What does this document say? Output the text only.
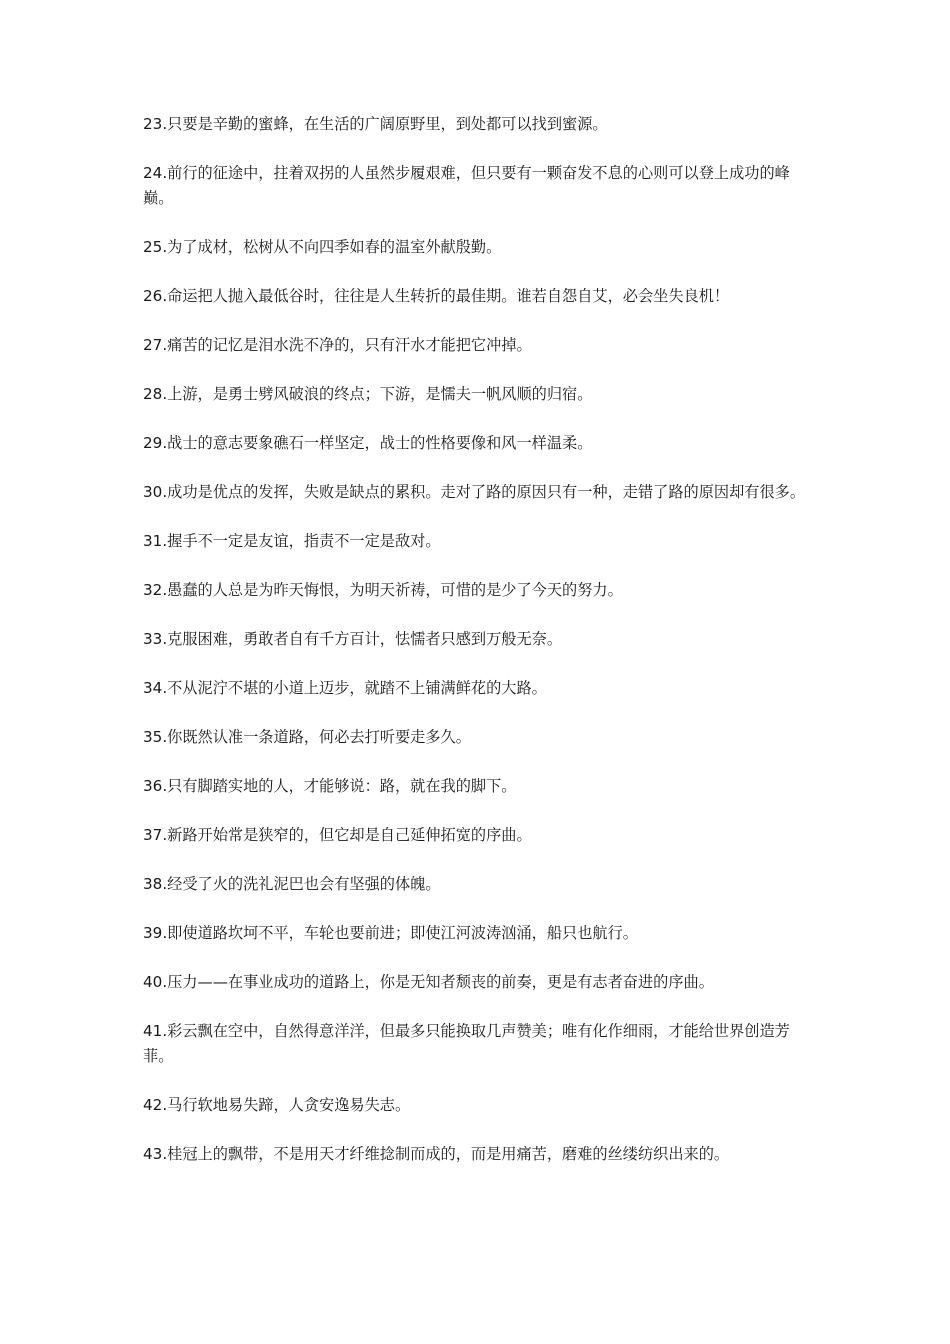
23.只要是辛勤的蜜蜂，在生活的广阔原野里，到处都可以找到蜜源。

24.前行的征途中，拄着双拐的人虽然步履艰难，但只要有一颗奋发不息的心则可以登上成功的峰巅。

25.为了成材，松树从不向四季如春的温室外献殷勤。

26.命运把人抛入最低谷时，往往是人生转折的最佳期。谁若自怨自艾，必会坐失良机！

27.痛苦的记忆是泪水洗不净的，只有汗水才能把它冲掉。

28.上游，是勇士劈风破浪的终点；下游，是懦夫一帆风顺的归宿。

29.战士的意志要象礁石一样坚定，战士的性格要像和风一样温柔。

30.成功是优点的发挥，失败是缺点的累积。走对了路的原因只有一种，走错了路的原因却有很多。

31.握手不一定是友谊，指责不一定是敌对。

32.愚蠢的人总是为昨天悔恨，为明天祈祷，可惜的是少了今天的努力。

33.克服困难，勇敢者自有千方百计，怯懦者只感到万般无奈。

34.不从泥泞不堪的小道上迈步，就踏不上铺满鲜花的大路。

35.你既然认准一条道路，何必去打听要走多久。

36.只有脚踏实地的人，才能够说：路，就在我的脚下。

37.新路开始常是狭窄的，但它却是自己延伸拓宽的序曲。

38.经受了火的洗礼泥巴也会有坚强的体魄。

39.即使道路坎坷不平，车轮也要前进；即使江河波涛汹涌，船只也航行。

40.压力——在事业成功的道路上，你是无知者颓丧的前奏，更是有志者奋进的序曲。

41.彩云飘在空中，自然得意洋洋，但最多只能换取几声赞美；唯有化作细雨，才能给世界创造芳菲。

42.马行软地易失蹄，人贪安逸易失志。

43.桂冠上的飘带，不是用天才纤维捻制而成的，而是用痛苦，磨难的丝缕纺织出来的。
